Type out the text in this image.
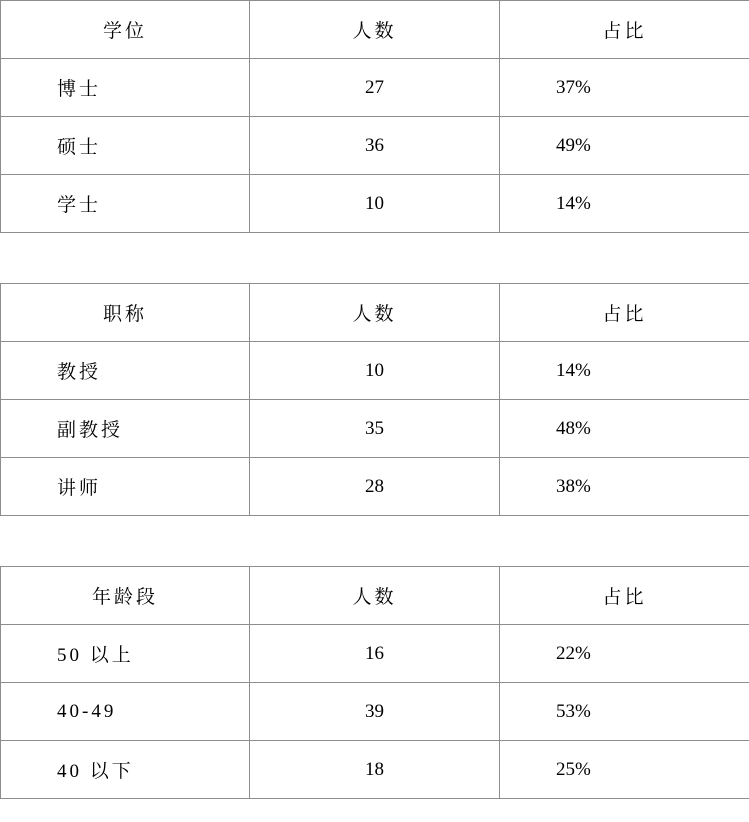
学位	人数	占比
博士	27	37%
硕士	36	49%
学士	10	14%
职称	人数	占比
教授	10	14%
副教授	35	48%
讲师	28	38%
年龄段	人数	占比
50 以上	16	22%
40-49	39	53%
40 以下	18	25%
